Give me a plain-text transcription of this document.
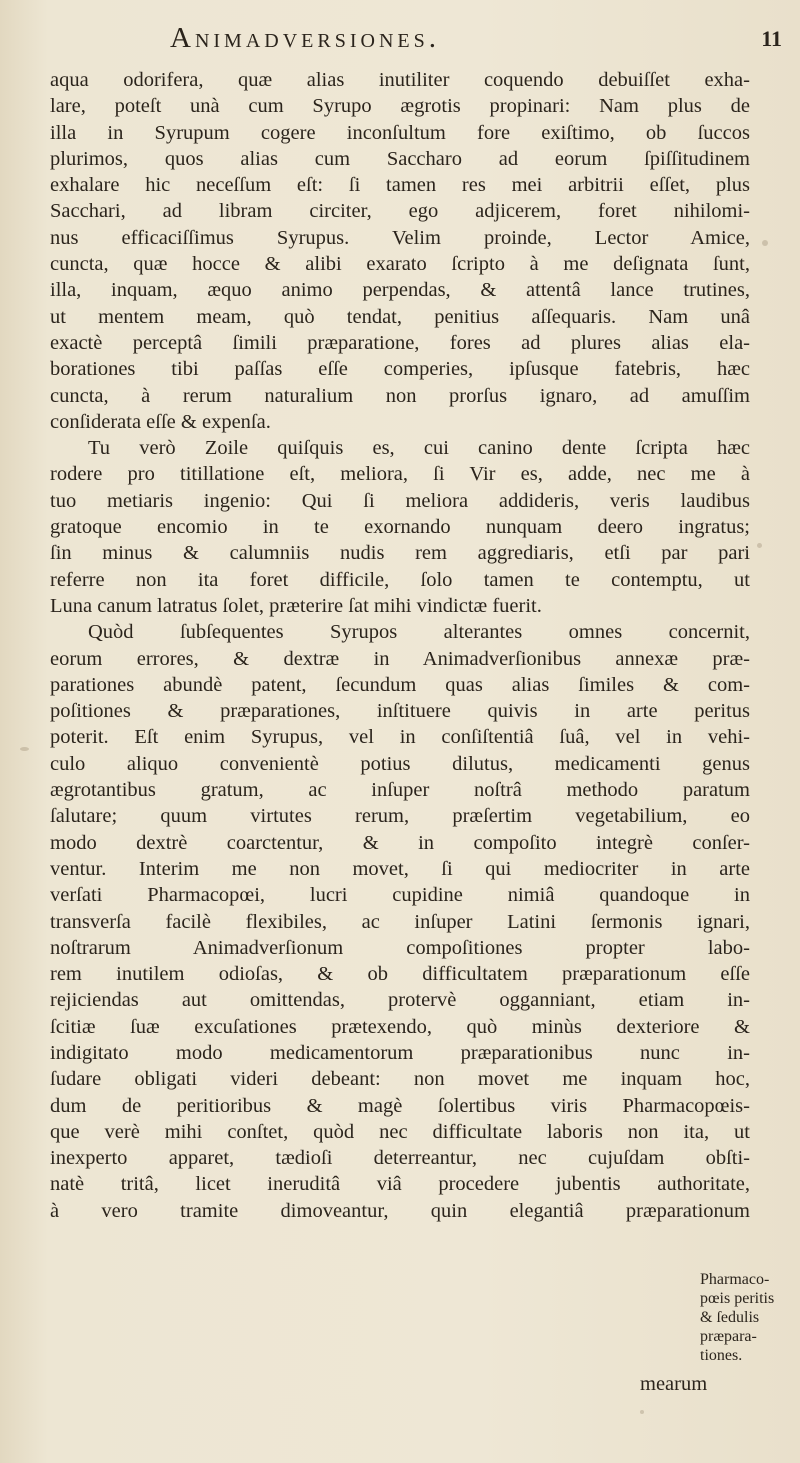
Animadversiones.	11
aqua odorifera, quæ alias inutiliter coquendo debuiſſet exha-
lare, poteſt unà cum Syrupo ægrotis propinari: Nam plus de
illa in Syrupum cogere inconſultum fore exiſtimo, ob ſuccos
plurimos, quos alias cum Saccharo ad eorum ſpiſſitudinem
exhalare hic neceſſum eſt: ſi tamen res mei arbitrii eſſet, plus
Sacchari, ad libram circiter, ego adjicerem, foret nihilomi-
nus efficaciſſimus Syrupus. Velim proinde, Lector Amice,
cuncta, quæ hocce & alibi exarato ſcripto à me deſignata ſunt,
illa, inquam, æquo animo perpendas, & attentâ lance trutines,
ut mentem meam, quò tendat, penitius aſſequaris. Nam unâ
exactè perceptâ ſimili præparatione, fores ad plures alias ela-
borationes tibi paſſas eſſe comperies, ipſusque fatebris, hæc
cuncta, à rerum naturalium non prorſus ignaro, ad amuſſim
conſiderata eſſe & expenſa.
Tu verò Zoile quiſquis es, cui canino dente ſcripta hæc
rodere pro titillatione eſt, meliora, ſi Vir es, adde, nec me à
tuo metiaris ingenio: Qui ſi meliora addideris, veris laudibus
gratoque encomio in te exornando nunquam deero ingratus;
ſin minus & calumniis nudis rem aggrediaris, etſi par pari
referre non ita foret difficile, ſolo tamen te contemptu, ut
Luna canum latratus ſolet, præterire ſat mihi vindictæ fuerit.
Quòd ſubſequentes Syrupos alterantes omnes concernit,
eorum errores, & dextræ in Animadverſionibus annexæ præ-
parationes abundè patent, ſecundum quas alias ſimiles & com-
poſitiones & præparationes, inſtituere quivis in arte peritus
poterit. Eſt enim Syrupus, vel in conſiſtentiâ ſuâ, vel in vehi-
culo aliquo convenientè potius dilutus, medicamenti genus
ægrotantibus gratum, ac inſuper noſtrâ methodo paratum
ſalutare; quum virtutes rerum, præſertim vegetabilium, eo
modo dextrè coarctentur, & in compoſito integrè conſer-
ventur. Interim me non movet, ſi qui mediocriter in arte
verſati Pharmacopœi, lucri cupidine nimiâ quandoque in
transverſa facilè flexibiles, ac inſuper Latini ſermonis ignari,
noſtrarum Animadverſionum compoſitiones propter labo-
rem inutilem odioſas, & ob difficultatem præparationum eſſe
rejiciendas aut omittendas, protervè ogganniant, etiam in-
ſcitiæ ſuæ excuſationes prætexendo, quò minùs dexteriore &
indigitato modo medicamentorum præparationibus nunc in-
ſudare obligati videri debeant: non movet me inquam hoc,
dum de peritioribus & magè ſolertibus viris Pharmacopœis-
que verè mihi conſtet, quòd nec difficultate laboris non ita, ut
inexperto apparet, tædioſi deterreantur, nec cujuſdam obſti-
natè tritâ, licet ineruditâ viâ procedere jubentis authoritate,
à vero tramite dimoveantur, quin elegantiâ præparationum
Pharmaco-
pœis peritis
& ſedulis
præpara-
tiones.
mearum
